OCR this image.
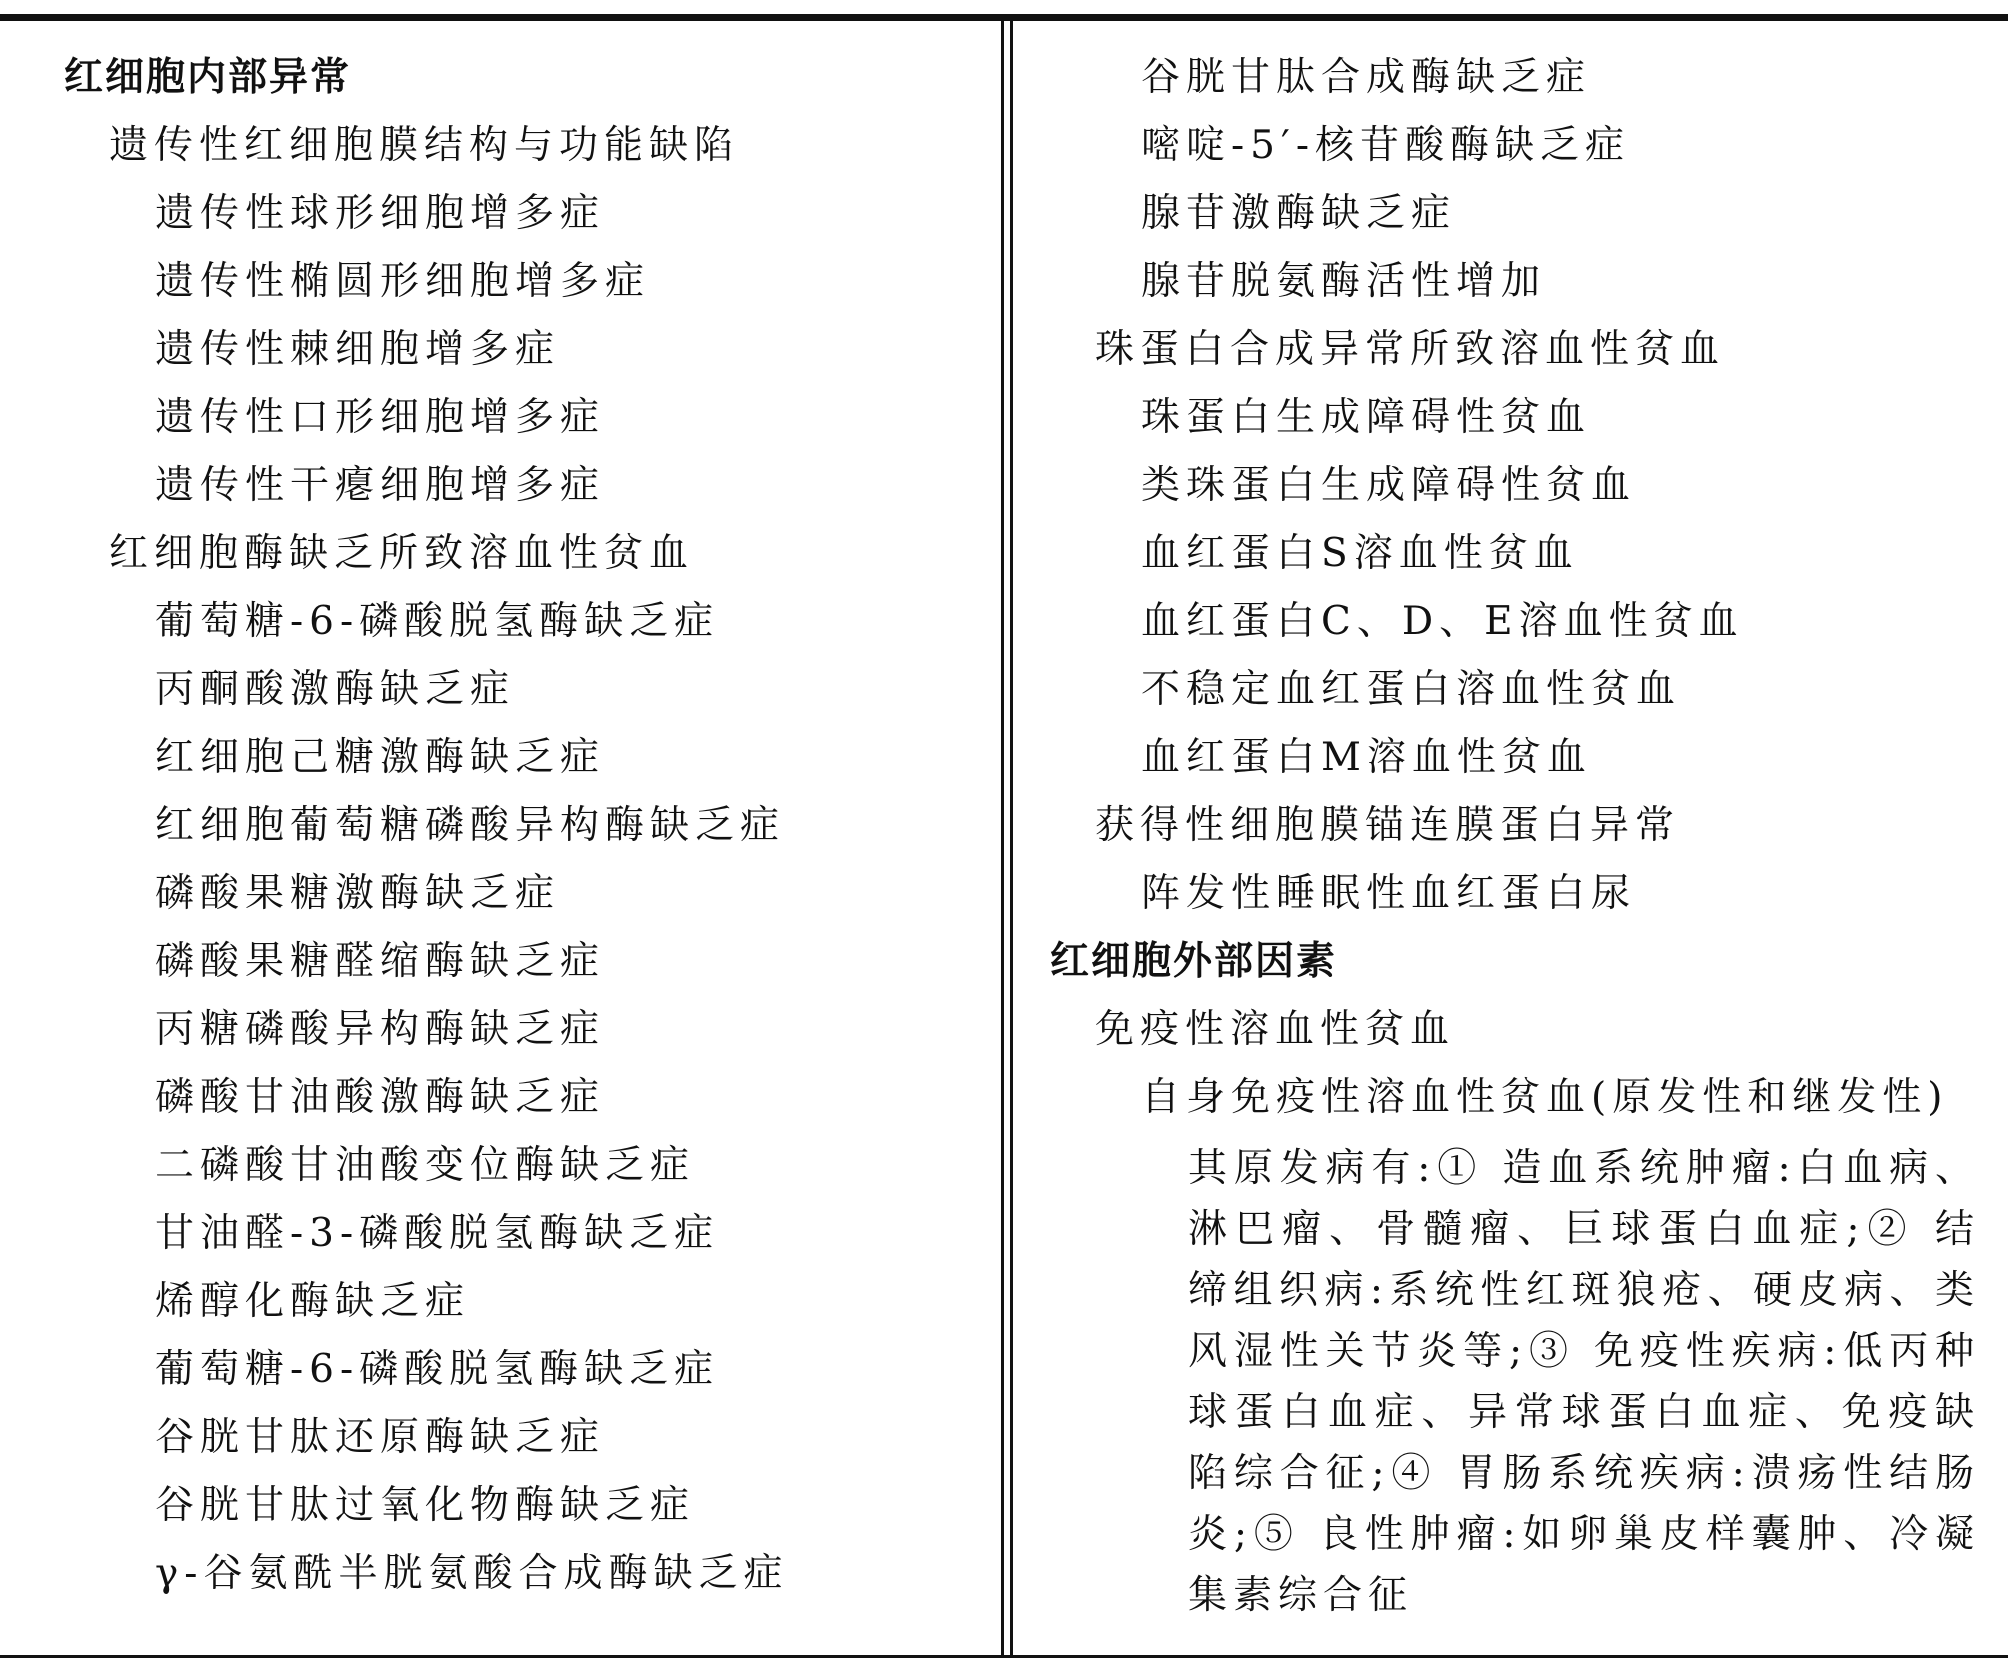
红细胞内部异常
遗传性红细胞膜结构与功能缺陷
遗传性球形细胞增多症
遗传性椭圆形细胞增多症
遗传性棘细胞增多症
遗传性口形细胞增多症
遗传性干瘪细胞增多症
红细胞酶缺乏所致溶血性贫血
葡萄糖-6-磷酸脱氢酶缺乏症
丙酮酸激酶缺乏症
红细胞己糖激酶缺乏症
红细胞葡萄糖磷酸异构酶缺乏症
磷酸果糖激酶缺乏症
磷酸果糖醛缩酶缺乏症
丙糖磷酸异构酶缺乏症
磷酸甘油酸激酶缺乏症
二磷酸甘油酸变位酶缺乏症
甘油醛-3-磷酸脱氢酶缺乏症
烯醇化酶缺乏症
葡萄糖-6-磷酸脱氢酶缺乏症
谷胱甘肽还原酶缺乏症
谷胱甘肽过氧化物酶缺乏症
γ-谷氨酰半胱氨酸合成酶缺乏症
谷胱甘肽合成酶缺乏症
嘧啶-5′-核苷酸酶缺乏症
腺苷激酶缺乏症
腺苷脱氨酶活性增加
珠蛋白合成异常所致溶血性贫血
珠蛋白生成障碍性贫血
类珠蛋白生成障碍性贫血
血红蛋白S溶血性贫血
血红蛋白C、D、E溶血性贫血
不稳定血红蛋白溶血性贫血
血红蛋白M溶血性贫血
获得性细胞膜锚连膜蛋白异常
阵发性睡眠性血红蛋白尿
红细胞外部因素
免疫性溶血性贫血
自身免疫性溶血性贫血(原发性和继发性)
其原发病有:① 造血系统肿瘤:白血病、淋巴瘤、骨髓瘤、巨球蛋白血症;② 结缔组织病:系统性红斑狼疮、硬皮病、类风湿性关节炎等;③ 免疫性疾病:低丙种球蛋白血症、异常球蛋白血症、免疫缺陷综合征;④ 胃肠系统疾病:溃疡性结肠炎;⑤ 良性肿瘤:如卵巢皮样囊肿、冷凝集素综合征
